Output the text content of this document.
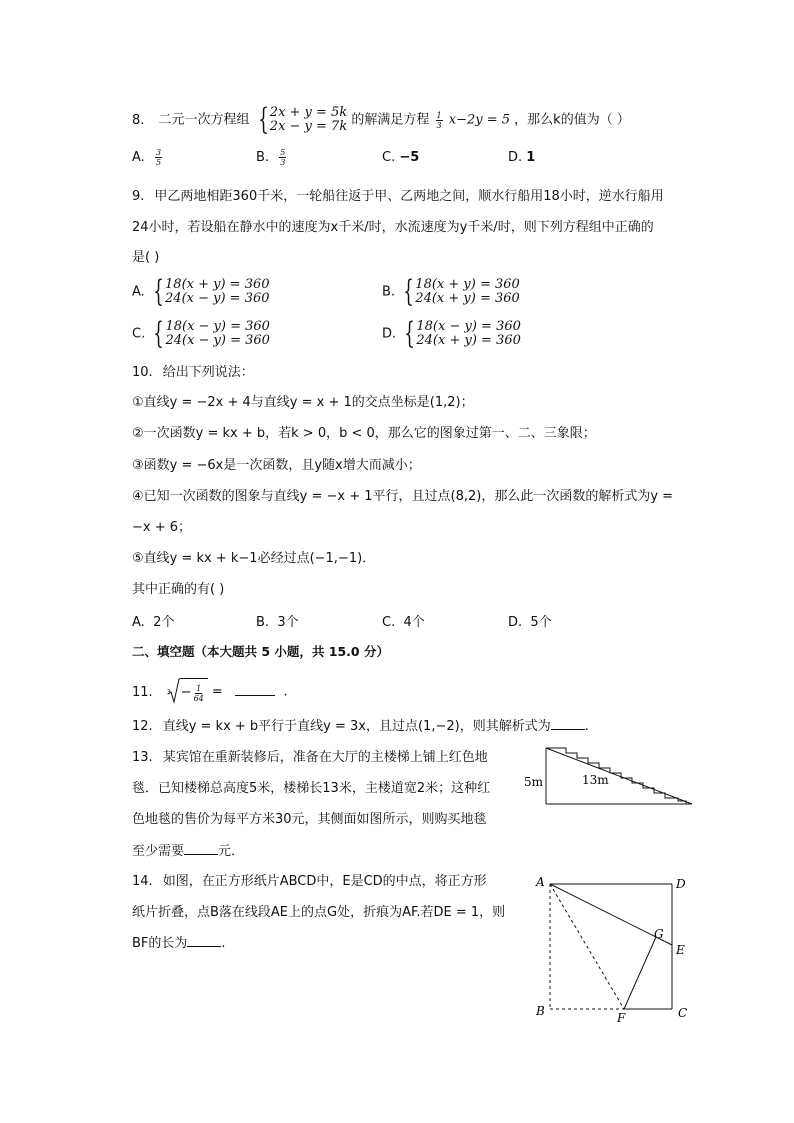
8. 二元一次方程组 { 2x + y = 5k
2x − y = 7k 的解满足方程 $\frac{1}{3} x-2y = 5$ ，那么k的值为（ ）
A. $\frac{3}{5}$	B. $\frac{5}{3}$	C. −5	D. 1
9. 甲乙两地相距360千米，一轮船往返于甲、乙两地之间，顺水行船用18小时，逆水行船用
24小时，若设船在静水中的速度为x千米/时，水流速度为y千米/时，则下列方程组中正确的
是( )
A. { 18(x + y) = 360
24(x − y) = 360	B. { 18(x + y) = 360
24(x + y) = 360
C. { 18(x − y) = 360
24(x − y) = 360	D. { 18(x − y) = 360
24(x + y) = 360
10. 给出下列说法：
①直线y = −2x + 4与直线y = x + 1的交点坐标是(1,2)；
②一次函数y = kx + b，若k > 0，b < 0，那么它的图象过第一、二、三象限；
③函数y = −6x是一次函数，且y随x增大而减小；
④已知一次函数的图象与直线y = −x + 1平行，且过点(8,2)，那么此一次函数的解析式为y =
−x + 6；
⑤直线y = kx + k−1必经过点(−1,−1)．
其中正确的有( )
A. 2个	B. 3个	C. 4个	D. 5个
二、填空题（本大题共 5 小题，共 15.0 分）
11. $3 - \frac{1}{64}$ =	.
12. 直线y = kx + b平行于直线y = 3x，且过点(1,−2)，则其解析式为	.
13. 某宾馆在重新装修后，准备在大厅的主楼梯上铺上红色地
毯．已知楼梯总高度5米，楼梯长13米，主楼道宽2米；这种红
色地毯的售价为每平方米30元，其侧面如图所示，则购买地毯
至少需要	元．
5m	13m
14. 如图，在正方形纸片ABCD中，E是CD的中点，将正方形
纸片折叠，点B落在线段AE上的点G处，折痕为AF.若DE = 1，则
BF的长为	.
A	D
E
G
B	F	C
